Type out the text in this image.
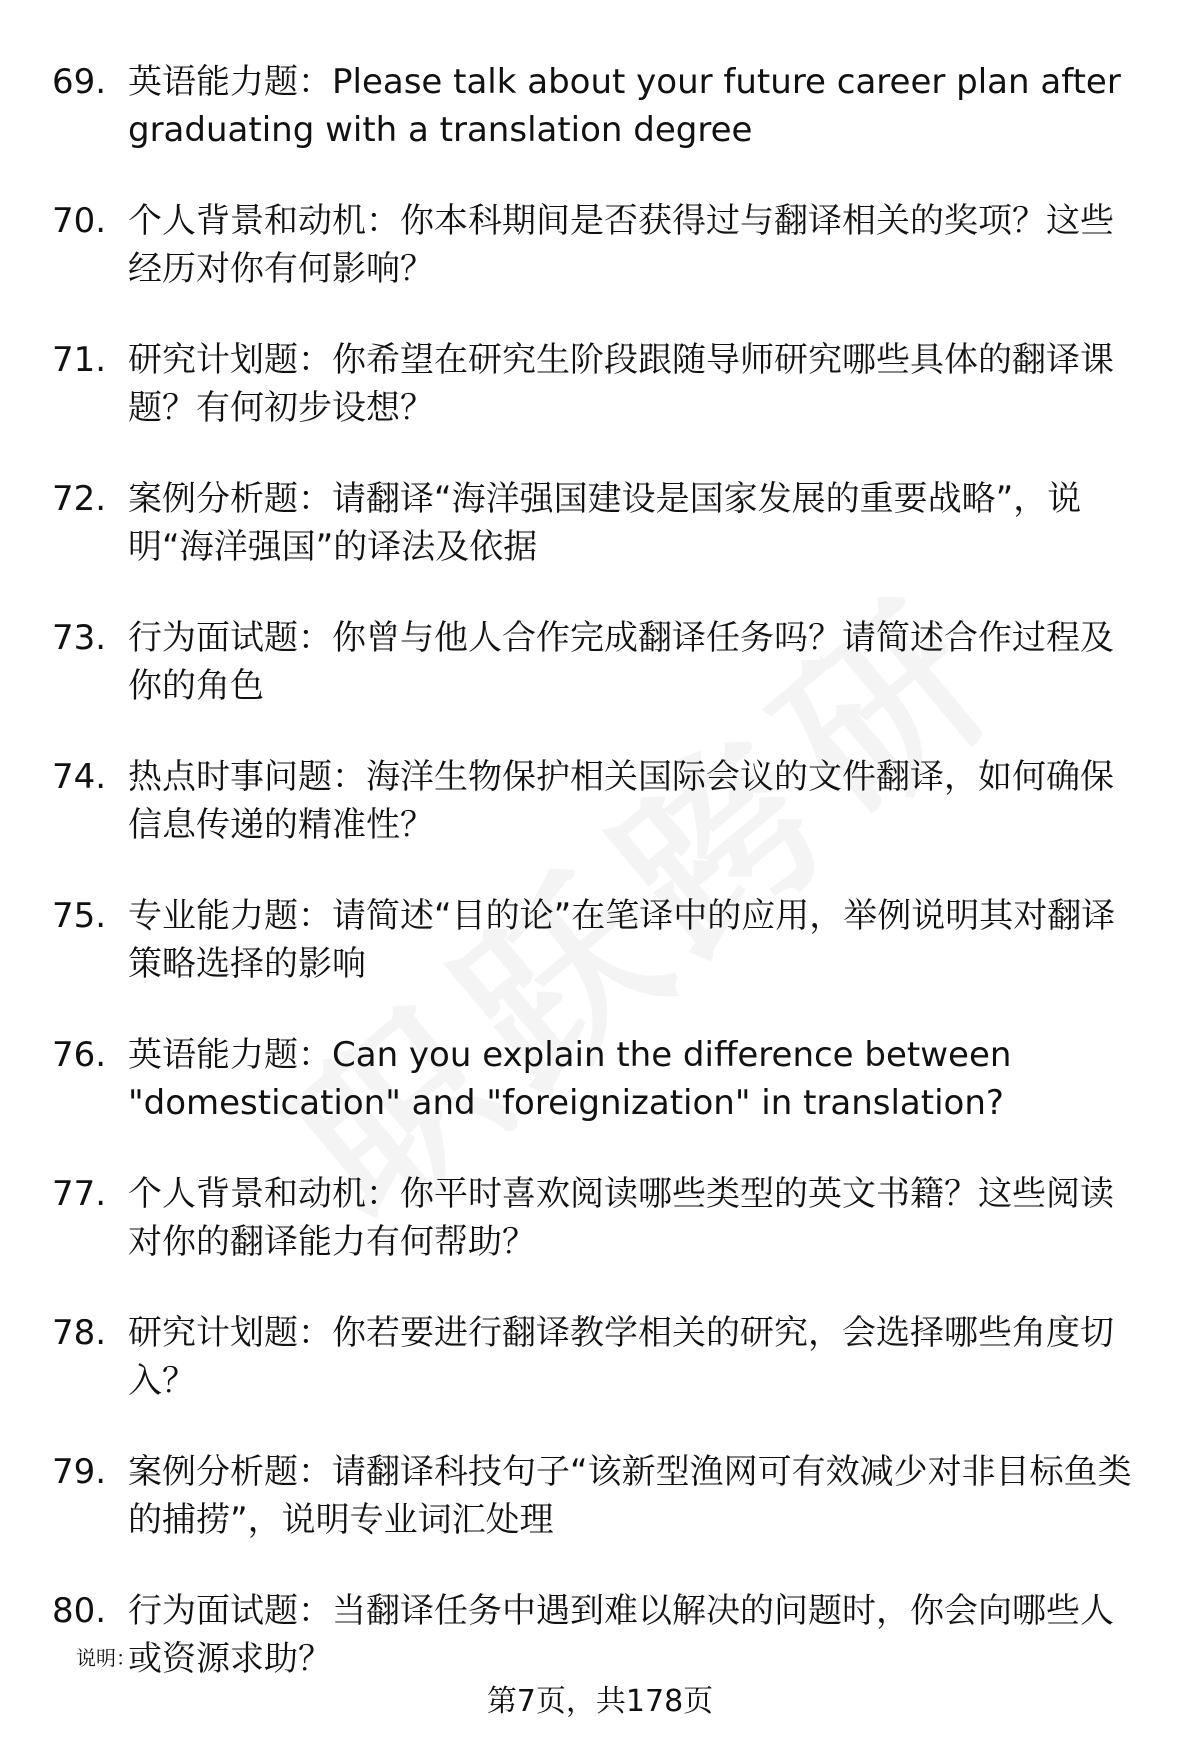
69. 英语能力题：Please talk about your future career plan after graduating with a translation degree
70. 个人背景和动机：你本科期间是否获得过与翻译相关的奖项？这些经历对你有何影响？
71. 研究计划题：你希望在研究生阶段跟随导师研究哪些具体的翻译课题？有何初步设想？
72. 案例分析题：请翻译“海洋强国建设是国家发展的重要战略”，说明“海洋强国”的译法及依据
73. 行为面试题：你曾与他人合作完成翻译任务吗？请简述合作过程及你的角色
74. 热点时事问题：海洋生物保护相关国际会议的文件翻译，如何确保信息传递的精准性？
75. 专业能力题：请简述“目的论”在笔译中的应用，举例说明其对翻译策略选择的影响
76. 英语能力题：Can you explain the difference between "domestication" and "foreignization" in translation?
77. 个人背景和动机：你平时喜欢阅读哪些类型的英文书籍？这些阅读对你的翻译能力有何帮助？
78. 研究计划题：你若要进行翻译教学相关的研究，会选择哪些角度切入？
79. 案例分析题：请翻译科技句子“该新型渔网可有效减少对非目标鱼类的捕捞”，说明专业词汇处理
80. 行为面试题：当翻译任务中遇到难以解决的问题时，你会向哪些人或资源求助？
说明：
第7页，共178页
